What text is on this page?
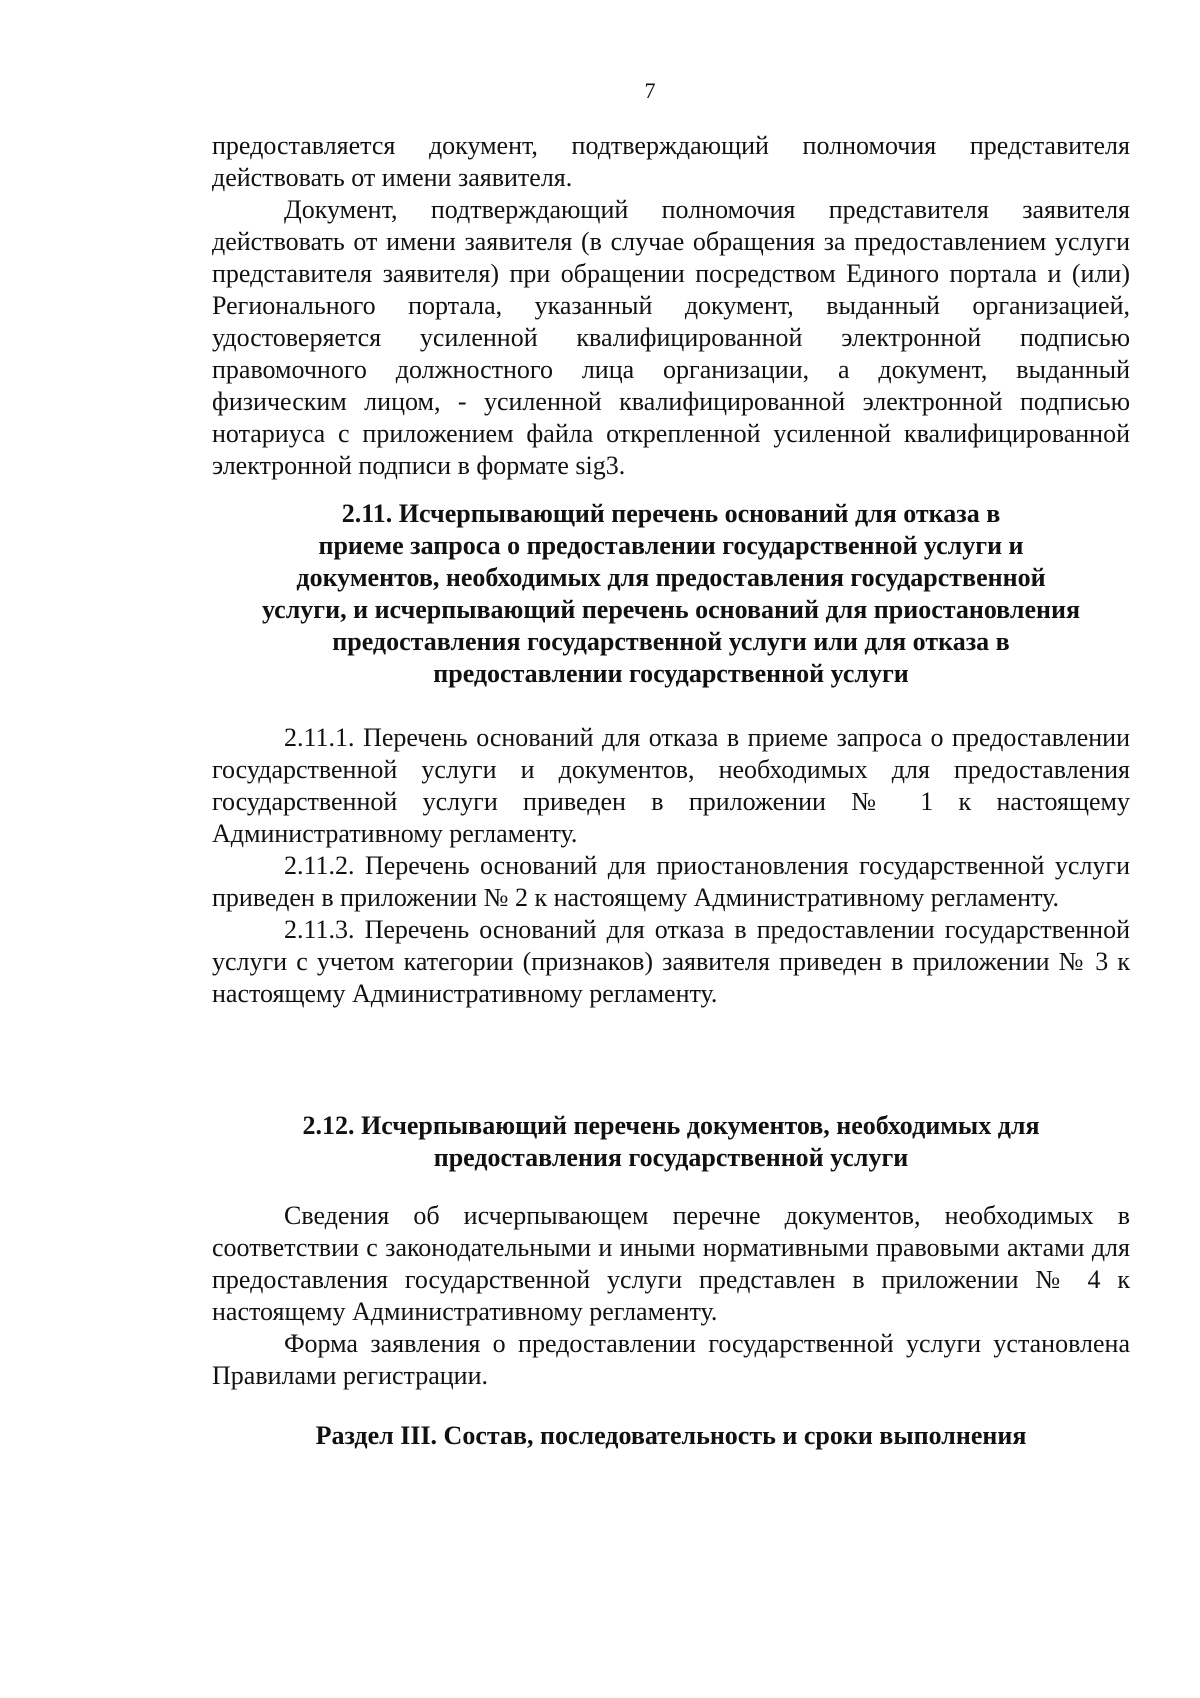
7

предоставляется документ, подтверждающий полномочия представителя действовать от имени заявителя.

Документ, подтверждающий полномочия представителя заявителя действовать от имени заявителя (в случае обращения за предоставлением услуги представителя заявителя) при обращении посредством Единого портала и (или) Регионального портала, указанный документ, выданный организацией, удостоверяется усиленной квалифицированной электронной подписью правомочного должностного лица организации, а документ, выданный физическим лицом, - усиленной квалифицированной электронной подписью нотариуса с приложением файла открепленной усиленной квалифицированной электронной подписи в формате sig3.

2.11. Исчерпывающий перечень оснований для отказа в

приеме запроса о предоставлении государственной услуги и

документов, необходимых для предоставления государственной

услуги, и исчерпывающий перечень оснований для приостановления

предоставления государственной услуги или для отказа в

предоставлении государственной услуги

2.11.1. Перечень оснований для отказа в приеме запроса о предоставлении государственной услуги и документов, необходимых для предоставления государственной услуги приведен в приложении № 1 к настоящему Административному регламенту.

2.11.2. Перечень оснований для приостановления государственной услуги приведен в приложении № 2 к настоящему Административному регламенту.

2.11.3. Перечень оснований для отказа в предоставлении государственной услуги с учетом категории (признаков) заявителя приведен в приложении № 3 к настоящему Административному регламенту.

2.12. Исчерпывающий перечень документов, необходимых для

предоставления государственной услуги

Сведения об исчерпывающем перечне документов, необходимых в соответствии с законодательными и иными нормативными правовыми актами для предоставления государственной услуги представлен в приложении № 4 к настоящему Административному регламенту.

Форма заявления о предоставлении государственной услуги установлена Правилами регистрации.

Раздел III. Состав, последовательность и сроки выполнения
